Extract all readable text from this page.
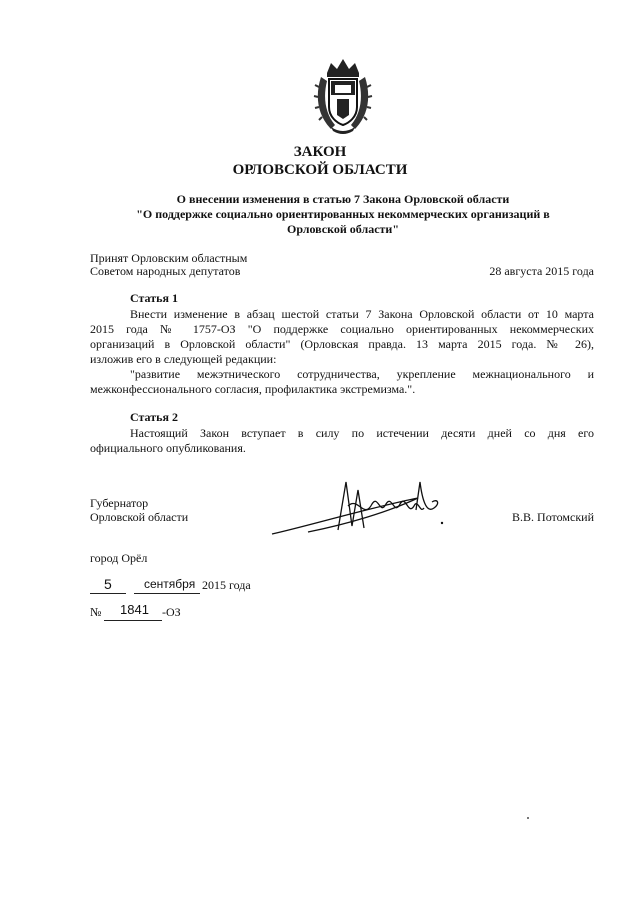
ЗАКОН
ОРЛОВСКОЙ ОБЛАСТИ
О внесении изменения в статью 7 Закона Орловской области
"О поддержке социально ориентированных некоммерческих организаций в
Орловской области"
Принят Орловским областным
Советом народных депутатов	28 августа 2015 года
Статья 1
Внести изменение в абзац шестой статьи 7 Закона Орловской области от 10 марта
2015 года № 1757-ОЗ "О поддержке социально ориентированных некоммерческих
организаций в Орловской области" (Орловская правда. 13 марта 2015 года. № 26),
изложив его в следующей редакции:
"развитие межэтнического сотрудничества, укрепление межнационального и
межконфессионального согласия, профилактика экстремизма.".
Статья 2
Настоящий Закон вступает в силу по истечении десяти дней со дня его
официального опубликования.
Губернатор
Орловской области	В.В. Потомский
город Орёл
5	сентября 2015 года
№ 1841 -ОЗ
